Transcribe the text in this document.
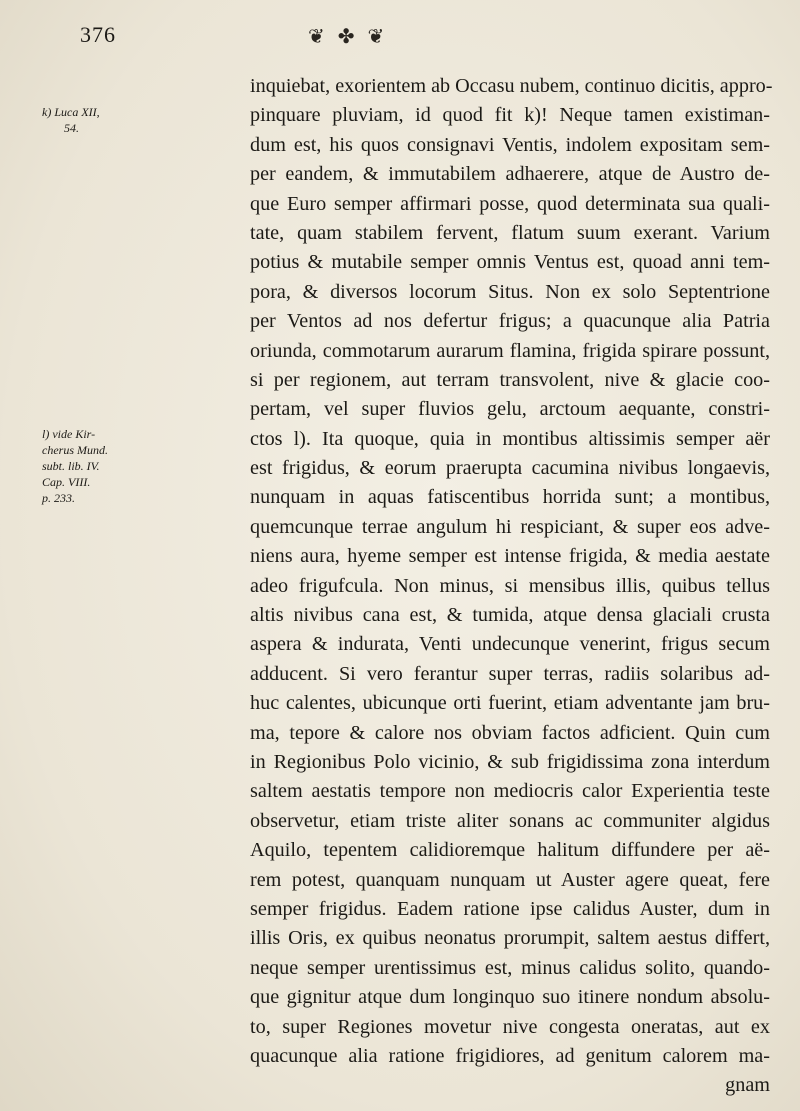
376	❦ ✤ ❦
inquiebat, exorientem ab Occasu nubem, continuo dicitis, appro-
pinquare pluviam, id quod fit k)! Neque tamen existiman-
dum est, his quos consignavi Ventis, indolem expositam sem-
per eandem, & immutabilem adhaerere, atque de Austro de-
que Euro semper affirmari posse, quod determinata sua quali-
tate, quam stabilem fervent, flatum suum exerant. Varium
potius & mutabile semper omnis Ventus est, quoad anni tem-
pora, & diversos locorum Situs. Non ex solo Septentrione
per Ventos ad nos defertur frigus; a quacunque alia Patria
oriunda, commotarum aurarum flamina, frigida spirare possunt,
si per regionem, aut terram transvolent, nive & glacie coo-
pertam, vel super fluvios gelu, arctoum aequante, constri-
ctos l). Ita quoque, quia in montibus altissimis semper aër
est frigidus, & eorum praerupta cacumina nivibus longaevis,
nunquam in aquas fatiscentibus horrida sunt; a montibus,
quemcunque terrae angulum hi respiciant, & super eos adve-
niens aura, hyeme semper est intense frigida, & media aestate
adeo frigufcula. Non minus, si mensibus illis, quibus tellus
altis nivibus cana est, & tumida, atque densa glaciali crusta
aspera & indurata, Venti undecunque venerint, frigus secum
adducent. Si vero ferantur super terras, radiis solaribus ad-
huc calentes, ubicunque orti fuerint, etiam adventante jam bru-
ma, tepore & calore nos obviam factos adficient. Quin cum
in Regionibus Polo vicinio, & sub frigidissima zona interdum
saltem aestatis tempore non mediocris calor Experientia teste
observetur, etiam triste aliter sonans ac communiter algidus
Aquilo, tepentem calidioremque halitum diffundere per aë-
rem potest, quanquam nunquam ut Auster agere queat, fere
semper frigidus. Eadem ratione ipse calidus Auster, dum in
illis Oris, ex quibus neonatus prorumpit, saltem aestus differt,
neque semper urentissimus est, minus calidus solito, quando-
que gignitur atque dum longinquo suo itinere nondum absolu-
to, super Regiones movetur nive congesta oneratas, aut ex
quacunque alia ratione frigidiores, ad genitum calorem ma-
gnam
k) Luca XII,
54.
l) vide Kir-
cherus Mund.
subt. lib. IV.
Cap. VIII.
p. 233.
